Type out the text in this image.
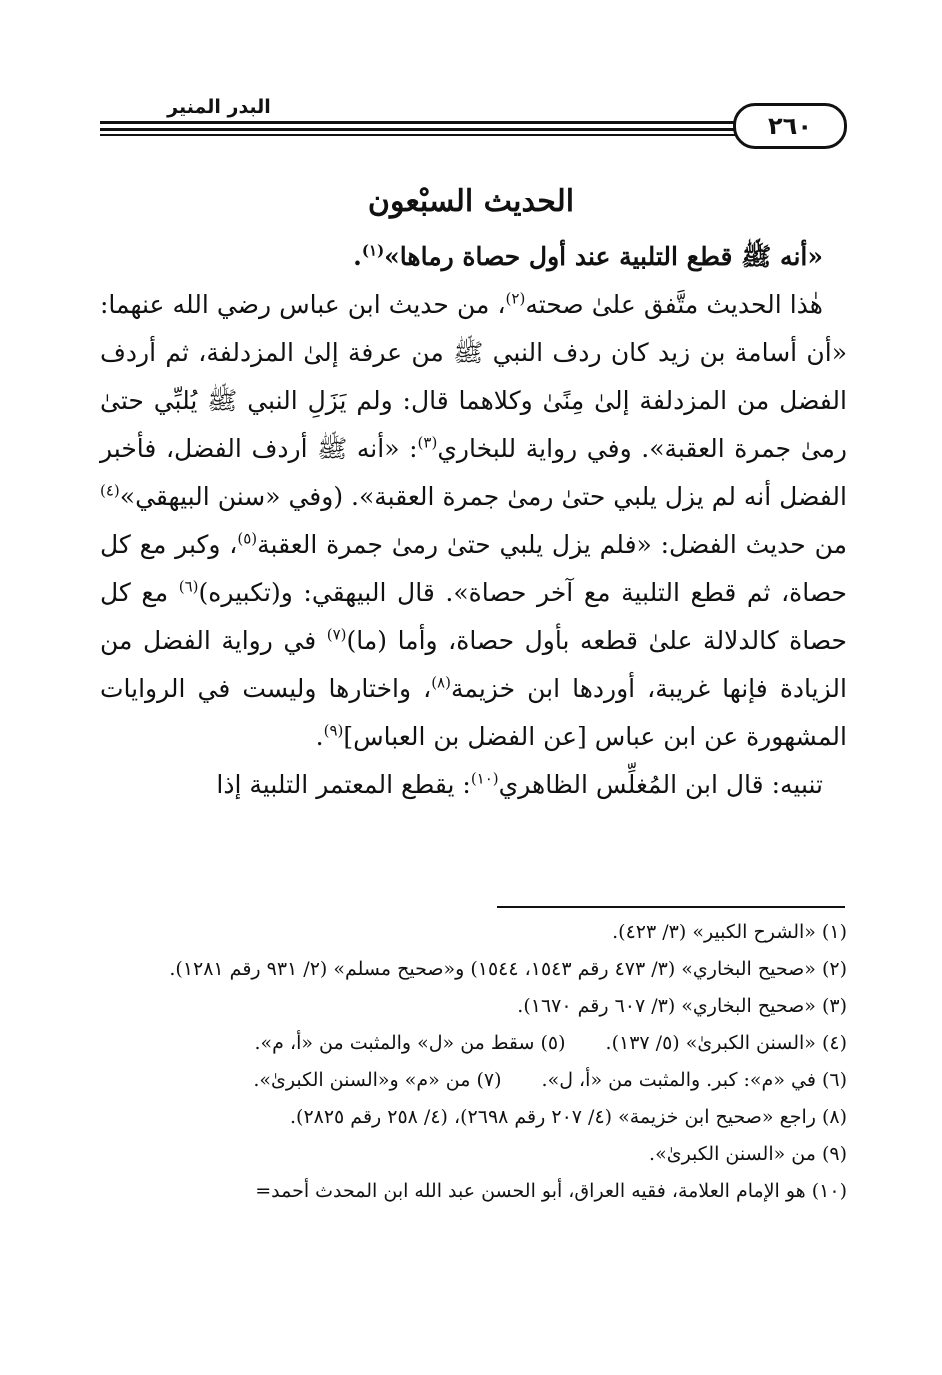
٢٦٠
البدر المنير
الحديث السبْعون

«أنه ﷺ قطع التلبية عند أول حصاة رماها»$^{(١)}$.

هٰذا الحديث متَّفق علىٰ صحته$^{(٢)}$، من حديث ابن عباس رضي الله عنهما: «أن أسامة بن زيد كان ردف النبي ﷺ من عرفة إلىٰ المزدلفة، ثم أردف الفضل من المزدلفة إلىٰ مِنًىٰ وكلاهما قال: ولم يَزَلِ النبي ﷺ يُلبِّي حتىٰ رمىٰ جمرة العقبة». وفي رواية للبخاري$^{(٣)}$: «أنه ﷺ أردف الفضل، فأخبر الفضل أنه لم يزل يلبي حتىٰ رمىٰ جمرة العقبة». (وفي «سنن البيهقي»$^{(٤)}$ من حديث الفضل: «فلم يزل يلبي حتىٰ رمىٰ جمرة العقبة$^{(٥)}$، وكبر مع كل حصاة، ثم قطع التلبية مع آخر حصاة». قال البيهقي: و(تكبيره)$^{(٦)}$ مع كل حصاة كالدلالة علىٰ قطعه بأول حصاة، وأما (ما)$^{(٧)}$ في رواية الفضل من الزيادة فإنها غريبة، أوردها ابن خزيمة$^{(٨)}$، واختارها وليست في الروايات المشهورة عن ابن عباس [عن الفضل بن العباس]$^{(٩)}$.

تنبيه: قال ابن المُغلِّس الظاهري$^{(١٠)}$: يقطع المعتمر التلبية إذا

(١) «الشرح الكبير» (٣/ ٤٢٣).

(٢) «صحيح البخاري» (٣/ ٤٧٣ رقم ١٥٤٣، ١٥٤٤) و«صحيح مسلم» (٢/ ٩٣١ رقم ١٢٨١).

(٣) «صحيح البخاري» (٣/ ٦٠٧ رقم ١٦٧٠).

(٤) «السنن الكبرىٰ» (٥/ ١٣٧).
(٥) سقط من «ل» والمثبت من «أ، م».
(٦) في «م»: كبر. والمثبت من «أ، ل».
(٧) من «م» و«السنن الكبرىٰ».

(٨) راجع «صحيح ابن خزيمة» (٤/ ٢٠٧ رقم ٢٦٩٨)، (٤/ ٢٥٨ رقم ٢٨٢٥).

(٩) من «السنن الكبرىٰ».

(١٠) هو الإمام العلامة، فقيه العراق، أبو الحسن عبد الله ابن المحدث أحمد=
